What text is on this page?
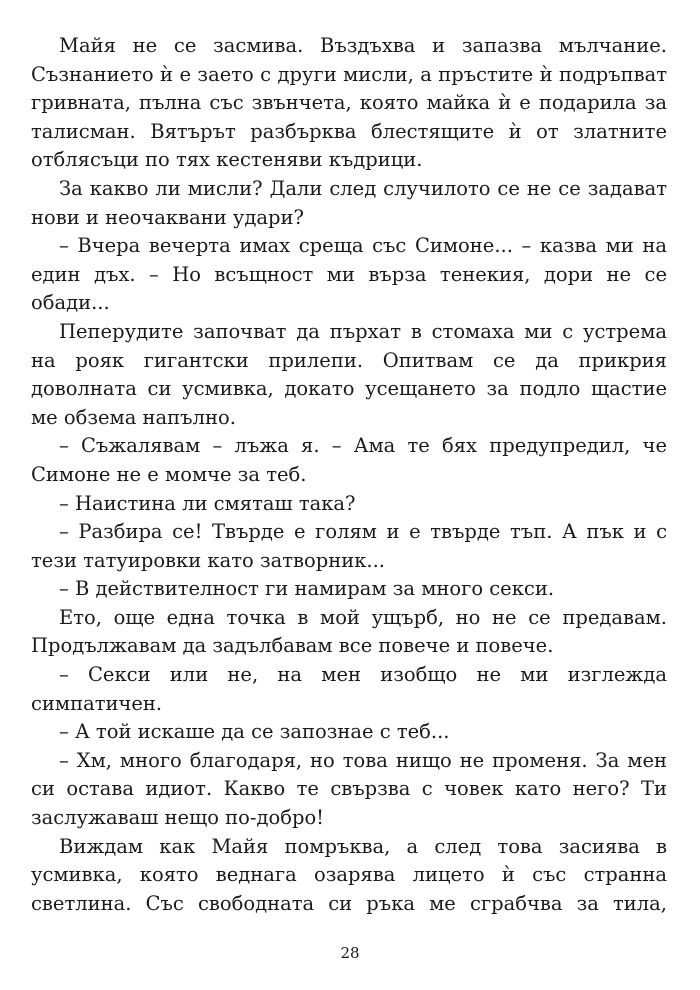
Майя не се засмива. Въздъхва и запазва мълчание. Съзнанието ѝ е заето с други мисли, а пръстите ѝ подръпват гривната, пълна със звънчета, която майка ѝ е подарила за талисман. Вятърът разбърква блестящите ѝ от златните отблясъци по тях кестеняви къдрици.

За какво ли мисли? Дали след случилото се не се задават нови и неочаквани удари?

– Вчера вечерта имах среща със Симоне... – казва ми на един дъх. – Но всъщност ми върза тенекия, дори не се обади...

Пеперудите започват да пърхат в стомаха ми с устрема на рояк гигантски прилепи. Опитвам се да прикрия доволната си усмивка, докато усещането за подло щастие ме обзема напълно.

– Съжалявам – лъжа я. – Ама те бях предупредил, че Симоне не е момче за теб.

– Наистина ли смяташ така?

– Разбира се! Твърде е голям и е твърде тъп. А пък и с тези татуировки като затворник...

– В действителност ги намирам за много секси.

Ето, още една точка в мой ущърб, но не се предавам. Продължавам да задълбавам все повече и повече.

– Секси или не, на мен изобщо не ми изглежда симпатичен.

– А той искаше да се запознае с теб...

– Хм, много благодаря, но това нищо не променя. За мен си остава идиот. Какво те свързва с човек като него? Ти заслужаваш нещо по-добро!

Виждам как Майя помръква, а след това засиява в усмивка, която веднага озарява лицето ѝ със странна светлина. Със свободната си ръка ме сграбчва за тила,

28
